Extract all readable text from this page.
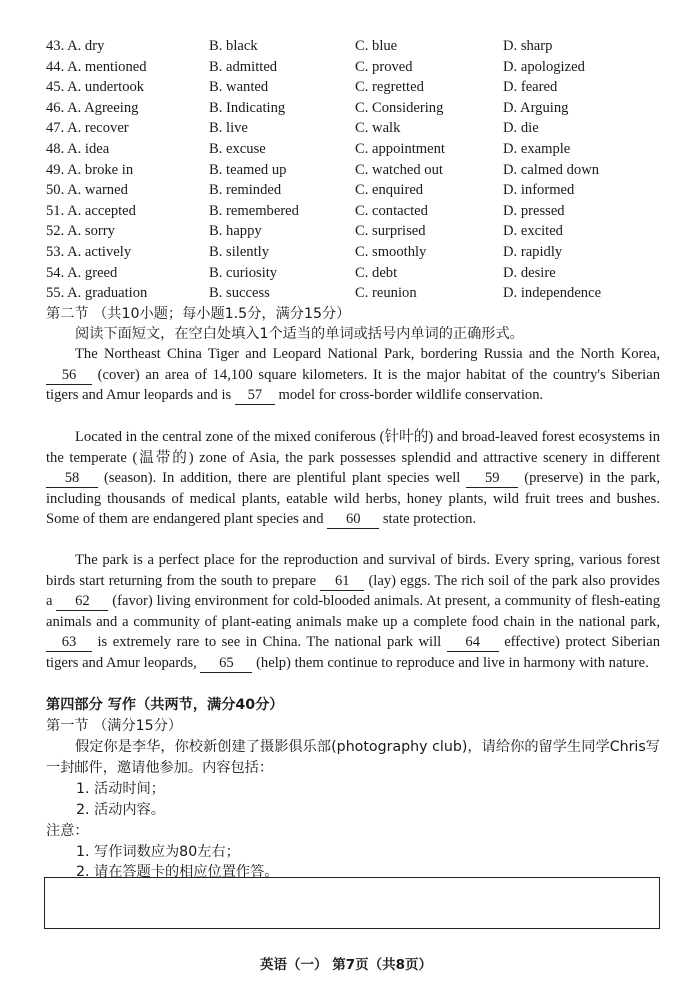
43. A. dry	B. black	C. blue	D. sharp
44. A. mentioned	B. admitted	C. proved	D. apologized
45. A. undertook	B. wanted	C. regretted	D. feared
46. A. Agreeing	B. Indicating	C. Considering	D. Arguing
47. A. recover	B. live	C. walk	D. die
48. A. idea	B. excuse	C. appointment	D. example
49. A. broke in	B. teamed up	C. watched out	D. calmed down
50. A. warned	B. reminded	C. enquired	D. informed
51. A. accepted	B. remembered	C. contacted	D. pressed
52. A. sorry	B. happy	C. surprised	D. excited
53. A. actively	B. silently	C. smoothly	D. rapidly
54. A. greed	B. curiosity	C. debt	D. desire
55. A. graduation	B. success	C. reunion	D. independence
第二节 （共10小题；每小题1.5分，满分15分）
阅读下面短文，在空白处填入1个适当的单词或括号内单词的正确形式。
The Northeast China Tiger and Leopard National Park, bordering Russia and the North Korea, 56 (cover) an area of 14,100 square kilometers. It is the major habitat of the country's Siberian tigers and Amur leopards and is 57 model for cross-border wildlife conservation.
Located in the central zone of the mixed coniferous (针叶的) and broad-leaved forest ecosystems in the temperate (温带的) zone of Asia, the park possesses splendid and attractive scenery in different 58 (season). In addition, there are plentiful plant species well 59 (preserve) in the park, including thousands of medical plants, eatable wild herbs, honey plants, wild fruit trees and bushes. Some of them are endangered plant species and 60 state protection.
The park is a perfect place for the reproduction and survival of birds. Every spring, various forest birds start returning from the south to prepare 61 (lay) eggs. The rich soil of the park also provides a 62 (favor) living environment for cold-blooded animals. At present, a community of flesh-eating animals and a community of plant-eating animals make up a complete food chain in the national park, 63 is extremely rare to see in China. The national park will 64 effective) protect Siberian tigers and Amur leopards, 65 (help) them continue to reproduce and live in harmony with nature.
第四部分 写作（共两节，满分40分）
第一节 （满分15分）
假定你是李华，你校新创建了摄影俱乐部(photography club)，请给你的留学生同学Chris写一封邮件，邀请他参加。内容包括：
1. 活动时间；
2. 活动内容。
注意：
1. 写作词数应为80左右；
2. 请在答题卡的相应位置作答。
英语（一） 第7页（共8页）
